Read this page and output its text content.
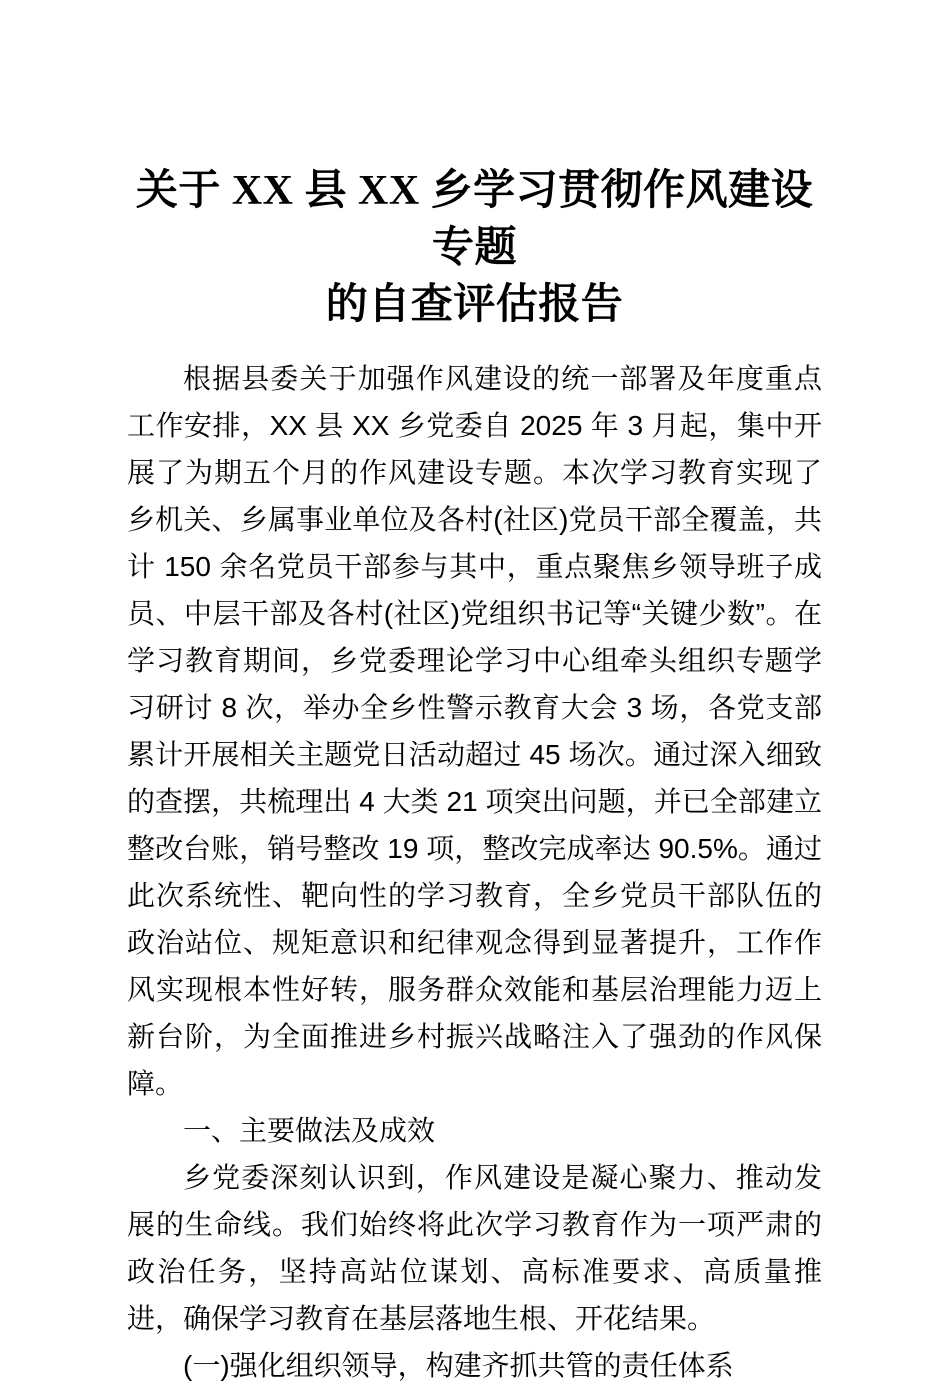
关于 XX 县 XX 乡学习贯彻作风建设专题
的自查评估报告

根据县委关于加强作风建设的统一部署及年度重点工作安排，XX 县 XX 乡党委自 2025 年 3 月起，集中开展了为期五个月的作风建设专题。本次学习教育实现了乡机关、乡属事业单位及各村(社区)党员干部全覆盖，共计 150 余名党员干部参与其中，重点聚焦乡领导班子成员、中层干部及各村(社区)党组织书记等“关键少数”。在学习教育期间，乡党委理论学习中心组牵头组织专题学习研讨 8 次，举办全乡性警示教育大会 3 场，各党支部累计开展相关主题党日活动超过 45 场次。通过深入细致的查摆，共梳理出 4 大类 21 项突出问题，并已全部建立整改台账，销号整改 19 项，整改完成率达 90.5%。通过此次系统性、靶向性的学习教育，全乡党员干部队伍的政治站位、规矩意识和纪律观念得到显著提升，工作作风实现根本性好转，服务群众效能和基层治理能力迈上新台阶，为全面推进乡村振兴战略注入了强劲的作风保障。

一、主要做法及成效

乡党委深刻认识到，作风建设是凝心聚力、推动发展的生命线。我们始终将此次学习教育作为一项严肃的政治任务，坚持高站位谋划、高标准要求、高质量推进，确保学习教育在基层落地生根、开花结果。

(一)强化组织领导，构建齐抓共管的责任体系
